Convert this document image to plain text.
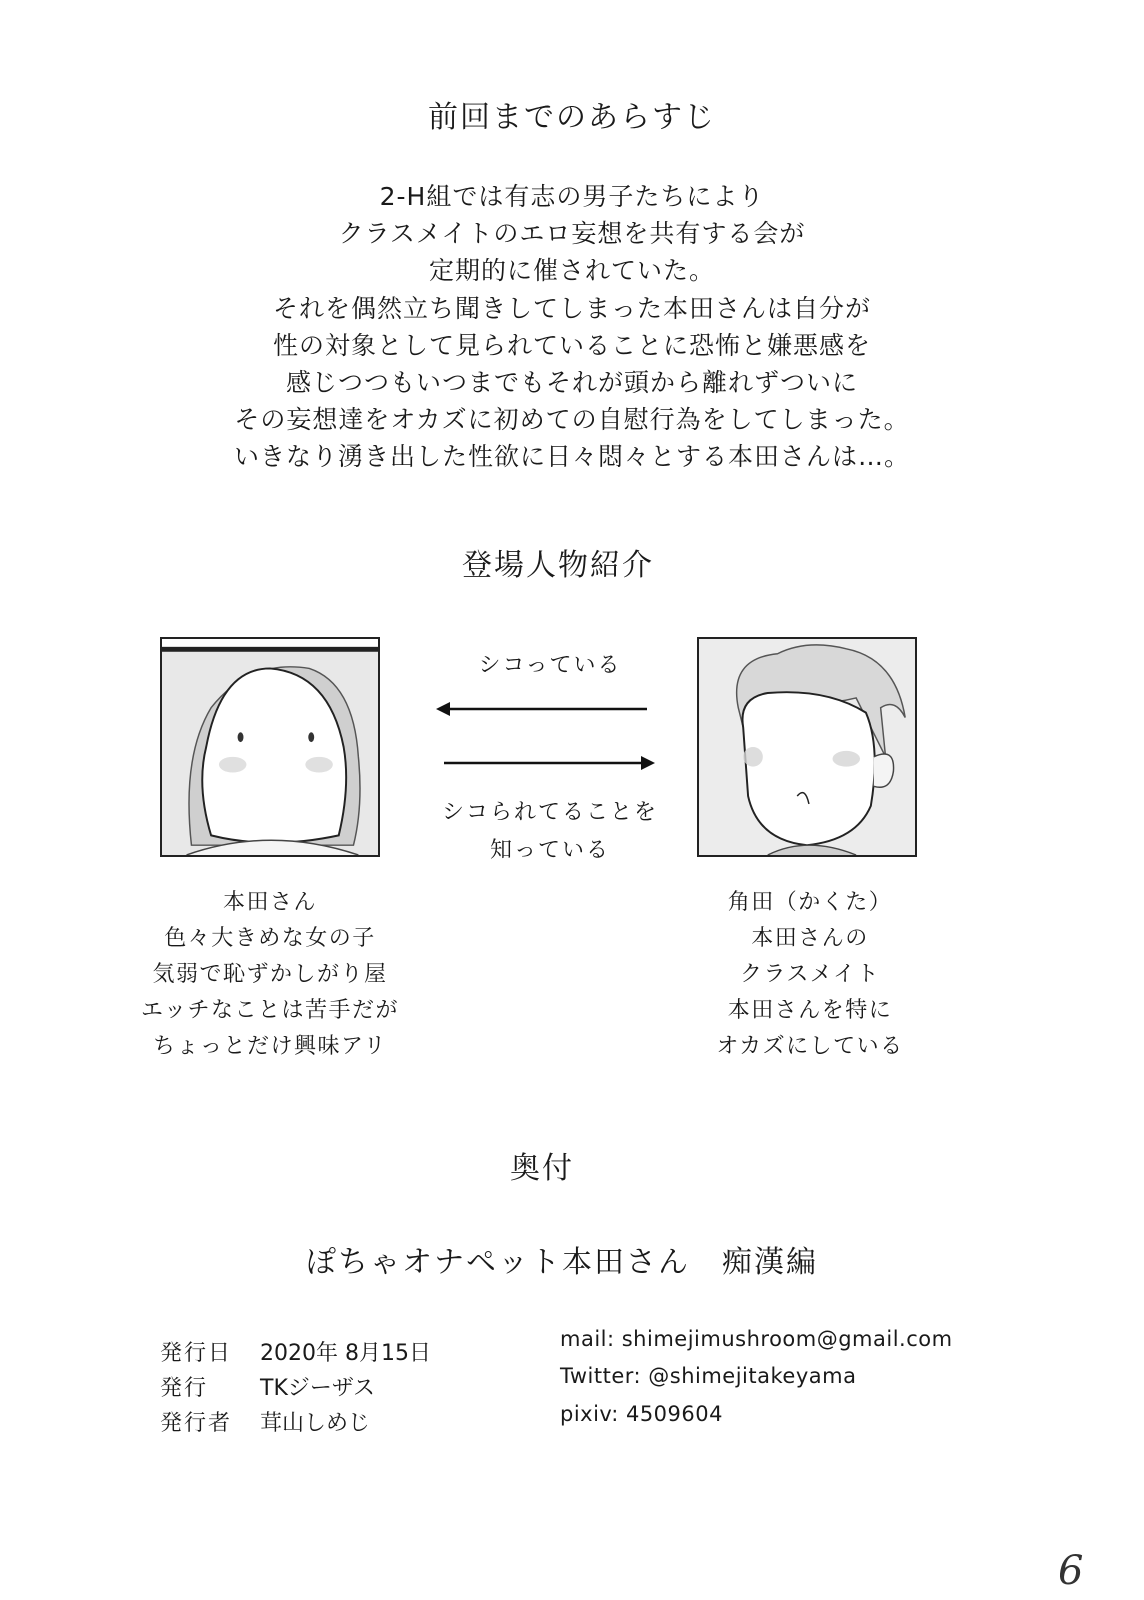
前回までのあらすじ
2-H組では有志の男子たちにより
クラスメイトのエロ妄想を共有する会が
定期的に催されていた。
それを偶然立ち聞きしてしまった本田さんは自分が
性の対象として見られていることに恐怖と嫌悪感を
感じつつもいつまでもそれが頭から離れずついに
その妄想達をオカズに初めての自慰行為をしてしまった。
いきなり湧き出した性欲に日々悶々とする本田さんは…。
登場人物紹介
シコっている
シコられてることを
知っている
本田さん
色々大きめな女の子
気弱で恥ずかしがり屋
エッチなことは苦手だが
ちょっとだけ興味アリ
角田（かくた）
本田さんの
クラスメイト
本田さんを特に
オカズにしている
奥付
ぽちゃオナペット本田さん　痴漢編
発行日 2020年 8月15日
発行 TKジーザス
発行者 茸山しめじ
mail: shimejimushroom@gmail.com
Twitter: @shimejitakeyama
pixiv: 4509604
6
